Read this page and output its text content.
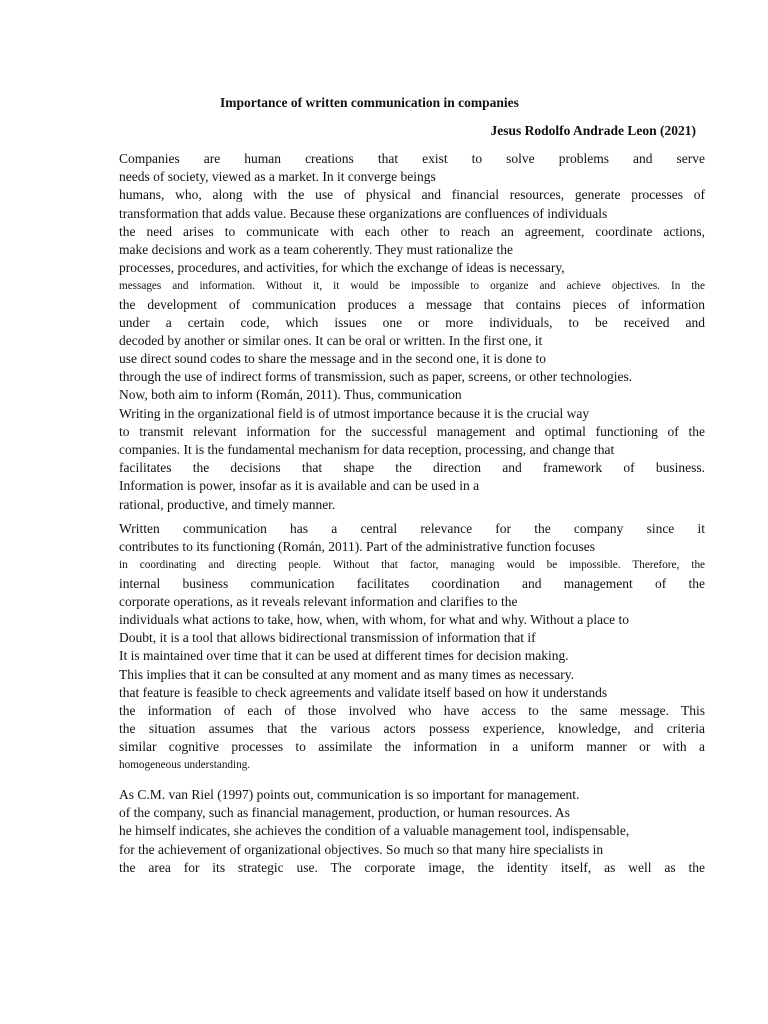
Importance of written communication in companies
Jesus Rodolfo Andrade Leon (2021)
Companies are human creations that exist to solve problems and serve
needs of society, viewed as a market. In it converge beings
humans, who, along with the use of physical and financial resources, generate processes of
transformation that adds value. Because these organizations are confluences of individuals
the need arises to communicate with each other to reach an agreement, coordinate actions,
make decisions and work as a team coherently. They must rationalize the
processes, procedures, and activities, for which the exchange of ideas is necessary,
messages and information. Without it, it would be impossible to organize and achieve objectives. In the
the development of communication produces a message that contains pieces of information
under a certain code, which issues one or more individuals, to be received and
decoded by another or similar ones. It can be oral or written. In the first one, it
use direct sound codes to share the message and in the second one, it is done to
through the use of indirect forms of transmission, such as paper, screens, or other technologies.
Now, both aim to inform (Román, 2011). Thus, communication
Writing in the organizational field is of utmost importance because it is the crucial way
to transmit relevant information for the successful management and optimal functioning of the
companies. It is the fundamental mechanism for data reception, processing, and change that
facilitates the decisions that shape the direction and framework of business.
Information is power, insofar as it is available and can be used in a
rational, productive, and timely manner.
Written communication has a central relevance for the company since it
contributes to its functioning (Román, 2011). Part of the administrative function focuses
in coordinating and directing people. Without that factor, managing would be impossible. Therefore, the
internal business communication facilitates coordination and management of the
corporate operations, as it reveals relevant information and clarifies to the
individuals what actions to take, how, when, with whom, for what and why. Without a place to
Doubt, it is a tool that allows bidirectional transmission of information that if
It is maintained over time that it can be used at different times for decision making.
This implies that it can be consulted at any moment and as many times as necessary.
that feature is feasible to check agreements and validate itself based on how it understands
the information of each of those involved who have access to the same message. This
the situation assumes that the various actors possess experience, knowledge, and criteria
similar cognitive processes to assimilate the information in a uniform manner or with a
homogeneous understanding.
As C.M. van Riel (1997) points out, communication is so important for management.
of the company, such as financial management, production, or human resources. As
he himself indicates, she achieves the condition of a valuable management tool, indispensable,
for the achievement of organizational objectives. So much so that many hire specialists in
the area for its strategic use. The corporate image, the identity itself, as well as the
